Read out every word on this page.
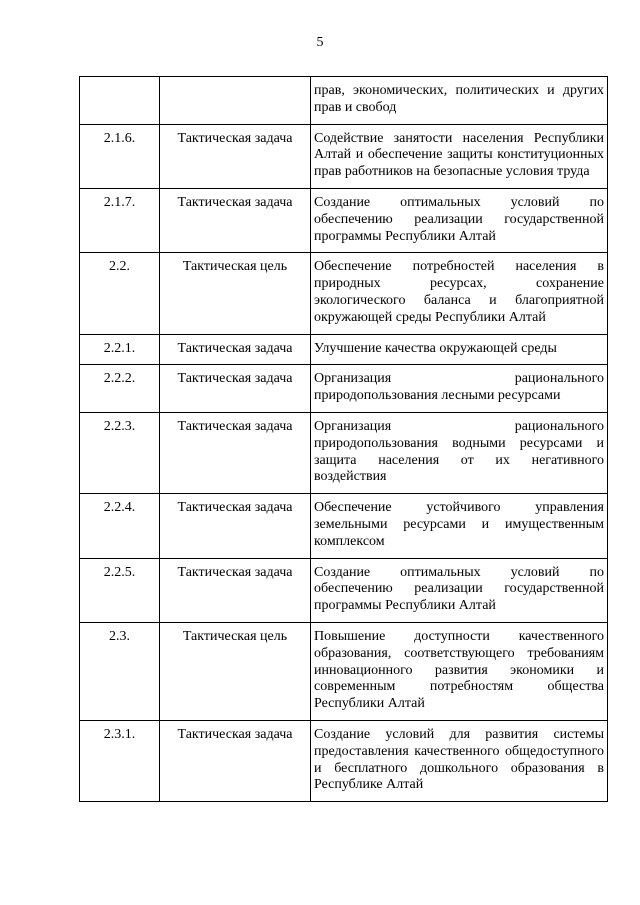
5

		прав, экономических, политических и других прав и свобод

2.1.6.	Тактическая задача	Содействие занятости населения Республики Алтай и обеспечение защиты конституционных прав работников на безопасные условия труда

2.1.7.	Тактическая задача	Создание оптимальных условий по обеспечению реализации государственной программы Республики Алтай

2.2.	Тактическая цель	Обеспечение потребностей населения в природных ресурсах, сохранение экологического баланса и благоприятной окружающей среды Республики Алтай

2.2.1.	Тактическая задача	Улучшение качества окружающей среды

2.2.2.	Тактическая задача	Организация рационального природопользования лесными ресурсами

2.2.3.	Тактическая задача	Организация рационального природопользования водными ресурсами и защита населения от их негативного воздействия

2.2.4.	Тактическая задача	Обеспечение устойчивого управления земельными ресурсами и имущественным комплексом

2.2.5.	Тактическая задача	Создание оптимальных условий по обеспечению реализации государственной программы Республики Алтай

2.3.	Тактическая цель	Повышение доступности качественного образования, соответствующего требованиям инновационного развития экономики и современным потребностям общества Республики Алтай

2.3.1.	Тактическая задача	Создание условий для развития системы предоставления качественного общедоступного и бесплатного дошкольного образования в Республике Алтай
